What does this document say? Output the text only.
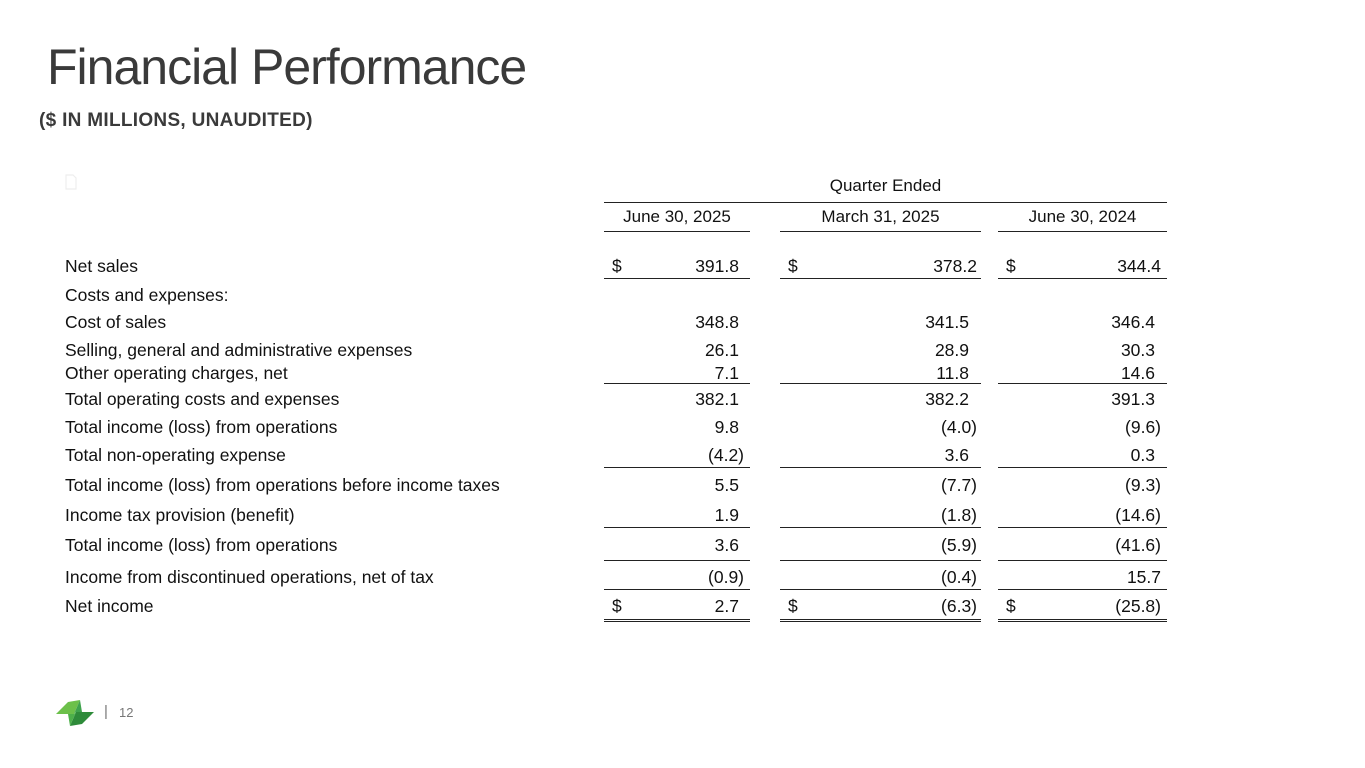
Financial Performance
($ IN MILLIONS, UNAUDITED)
Quarter Ended
June 30, 2025	March 31, 2025	June 30, 2024
Net sales	$	391.8	$	378.2 $	344.4
Costs and expenses:
Cost of sales	348.8	341.5	346.4
Selling, general and administrative expenses	26.1	28.9	30.3
Other operating charges, net	7.1	11.8	14.6
Total operating costs and expenses	382.1	382.2	391.3
Total income (loss) from operations	9.8	(4.0)	(9.6)
Total non-operating expense	(4.2)	3.6	0.3
Total income (loss) from operations before income taxes	5.5	(7.7)	(9.3)
Income tax provision (benefit)	1.9	(1.8)	(14.6)
Total income (loss) from operations	3.6	(5.9)	(41.6)
Income from discontinued operations, net of tax	(0.9)	(0.4)	15.7
Net income	$	2.7	$	(6.3) $	(25.8)
| 12
